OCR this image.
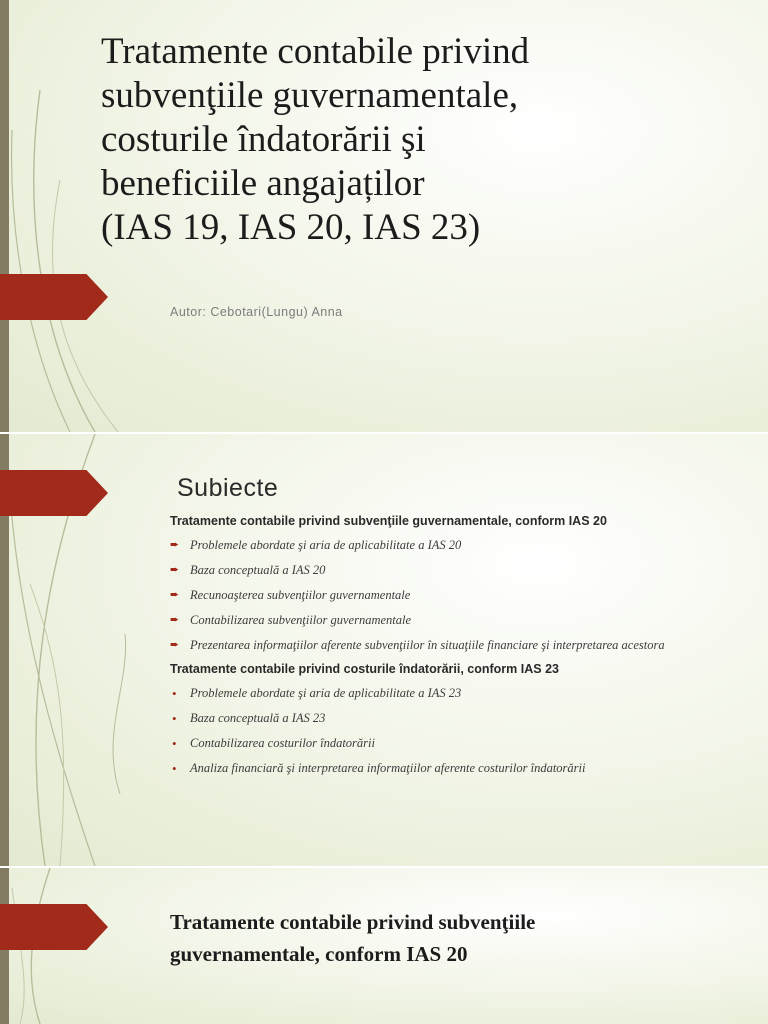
Tratamente contabile privind
subvenţiile guvernamentale,
costurile îndatorării şi
beneficiile angajaților
(IAS 19, IAS 20, IAS 23)

Autor: Cebotari(Lungu) Anna

Subiecte

Tratamente contabile privind subvenţiile guvernamentale, conform IAS 20

➨ Problemele abordate şi aria de aplicabilitate a IAS 20
➨ Baza conceptuală a IAS 20
➨ Recunoaşterea subvenţiilor guvernamentale
➨ Contabilizarea subvenţiilor guvernamentale
➨ Prezentarea informaţiilor aferente subvenţiilor în situaţiile financiare şi interpretarea acestora

Tratamente contabile privind costurile îndatorării, conform IAS 23

• Problemele abordate şi aria de aplicabilitate a IAS 23
• Baza conceptuală a IAS 23
• Contabilizarea costurilor îndatorării
• Analiza financiară şi interpretarea informaţiilor aferente costurilor îndatorării
Tratamente contabile privind subvenţiile
guvernamentale, conform IAS 20
